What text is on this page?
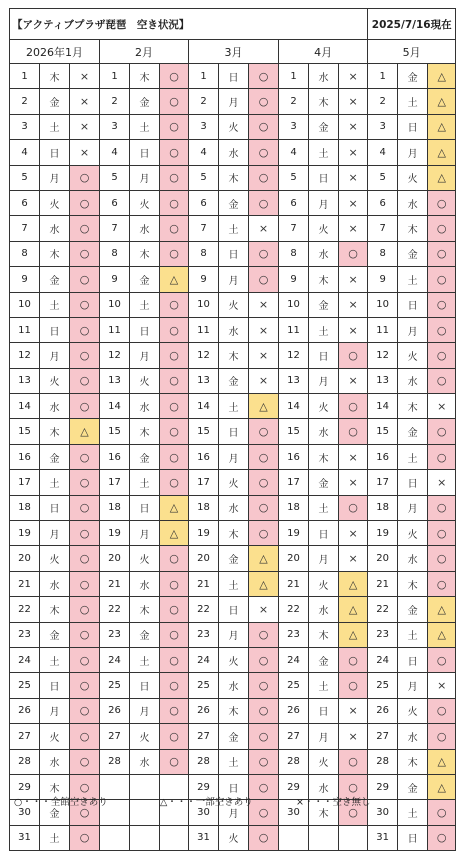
【アクティブプラザ琵琶　空き状況】												2025/7/16現在		
2026年1月			2月			3月			4月			5月		
1	木	×	1	木	○	1	日	○	1	水	×	1	金	△
2	金	×	2	金	○	2	月	○	2	木	×	2	土	△
3	土	×	3	土	○	3	火	○	3	金	×	3	日	△
4	日	×	4	日	○	4	水	○	4	土	×	4	月	△
5	月	○	5	月	○	5	木	○	5	日	×	5	火	△
6	火	○	6	火	○	6	金	○	6	月	×	6	水	○
7	水	○	7	水	○	7	土	×	7	火	×	7	木	○
8	木	○	8	木	○	8	日	○	8	水	○	8	金	○
9	金	○	9	金	△	9	月	○	9	木	×	9	土	○
10	土	○	10	土	○	10	火	×	10	金	×	10	日	○
11	日	○	11	日	○	11	水	×	11	土	×	11	月	○
12	月	○	12	月	○	12	木	×	12	日	○	12	火	○
13	火	○	13	火	○	13	金	×	13	月	×	13	水	○
14	水	○	14	水	○	14	土	△	14	火	○	14	木	×
15	木	△	15	木	○	15	日	○	15	水	○	15	金	○
16	金	○	16	金	○	16	月	○	16	木	×	16	土	○
17	土	○	17	土	○	17	火	○	17	金	×	17	日	×
18	日	○	18	日	△	18	水	○	18	土	○	18	月	○
19	月	○	19	月	△	19	木	○	19	日	×	19	火	○
20	火	○	20	火	○	20	金	△	20	月	×	20	水	○
21	水	○	21	水	○	21	土	△	21	火	△	21	木	○
22	木	○	22	木	○	22	日	×	22	水	△	22	金	△
23	金	○	23	金	○	23	月	○	23	木	△	23	土	△
24	土	○	24	土	○	24	火	○	24	金	○	24	日	○
25	日	○	25	日	○	25	水	○	25	土	○	25	月	×
26	月	○	26	月	○	26	木	○	26	日	×	26	火	○
27	火	○	27	火	○	27	金	○	27	月	×	27	水	○
28	水	○	28	水	○	28	土	○	28	火	○	28	木	△
29	木	○				29	日	○	29	水	○	29	金	△
30	金	○				30	月	○	30	木	○	30	土	○
31	土	○				31	火	○				31	日	○
○・・・全館空きあり	△・・・一部空きあり	×・・・空き無し
